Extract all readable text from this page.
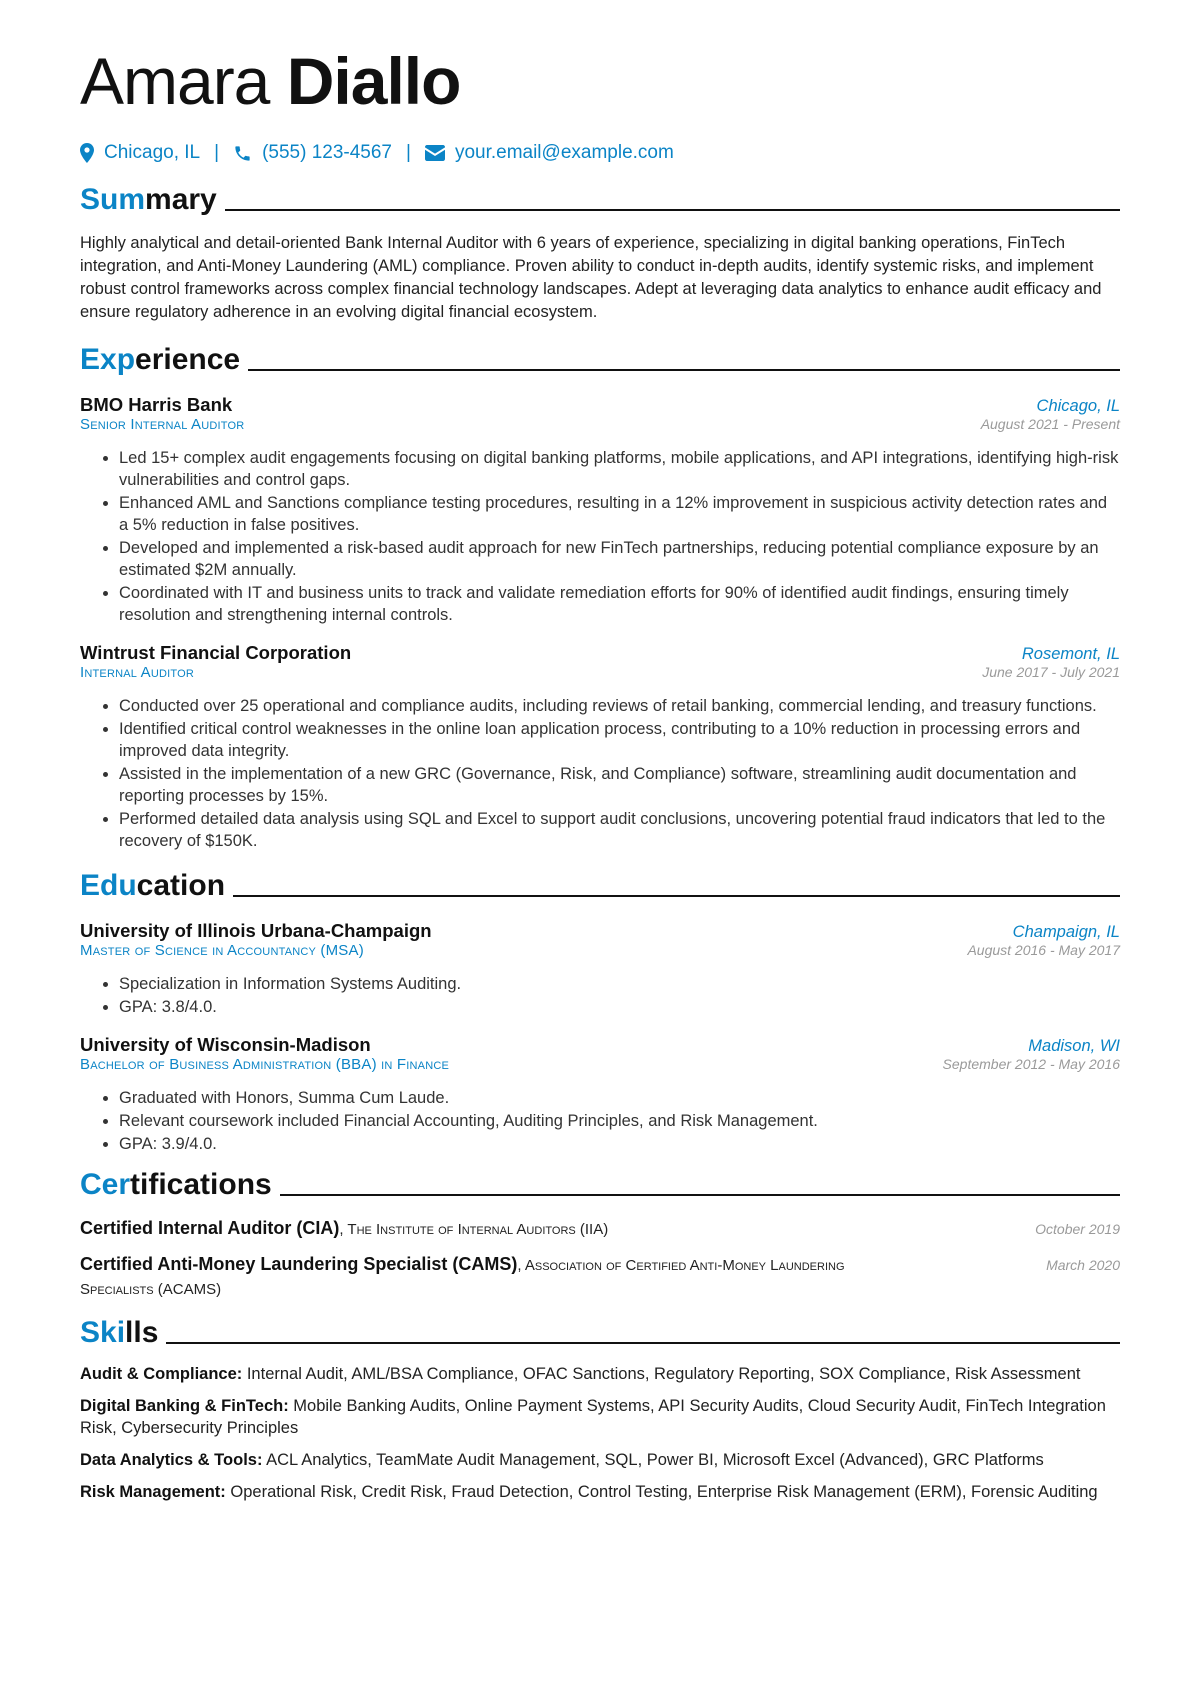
Amara Diallo
Chicago, IL | (555) 123-4567 | your.email@example.com
Summary
Highly analytical and detail-oriented Bank Internal Auditor with 6 years of experience, specializing in digital banking operations, FinTech integration, and Anti-Money Laundering (AML) compliance. Proven ability to conduct in-depth audits, identify systemic risks, and implement robust control frameworks across complex financial technology landscapes. Adept at leveraging data analytics to enhance audit efficacy and ensure regulatory adherence in an evolving digital financial ecosystem.
Experience
BMO Harris Bank	Chicago, IL
Senior Internal Auditor	August 2021 - Present
• Led 15+ complex audit engagements focusing on digital banking platforms, mobile applications, and API integrations, identifying high-risk vulnerabilities and control gaps.
• Enhanced AML and Sanctions compliance testing procedures, resulting in a 12% improvement in suspicious activity detection rates and a 5% reduction in false positives.
• Developed and implemented a risk-based audit approach for new FinTech partnerships, reducing potential compliance exposure by an estimated $2M annually.
• Coordinated with IT and business units to track and validate remediation efforts for 90% of identified audit findings, ensuring timely resolution and strengthening internal controls.
Wintrust Financial Corporation	Rosemont, IL
Internal Auditor	June 2017 - July 2021
• Conducted over 25 operational and compliance audits, including reviews of retail banking, commercial lending, and treasury functions.
• Identified critical control weaknesses in the online loan application process, contributing to a 10% reduction in processing errors and improved data integrity.
• Assisted in the implementation of a new GRC (Governance, Risk, and Compliance) software, streamlining audit documentation and reporting processes by 15%.
• Performed detailed data analysis using SQL and Excel to support audit conclusions, uncovering potential fraud indicators that led to the recovery of $150K.
Education
University of Illinois Urbana-Champaign	Champaign, IL
Master of Science in Accountancy (MSA)	August 2016 - May 2017
• Specialization in Information Systems Auditing.
• GPA: 3.8/4.0.
University of Wisconsin-Madison	Madison, WI
Bachelor of Business Administration (BBA) in Finance	September 2012 - May 2016
• Graduated with Honors, Summa Cum Laude.
• Relevant coursework included Financial Accounting, Auditing Principles, and Risk Management.
• GPA: 3.9/4.0.
Certifications
Certified Internal Auditor (CIA), The Institute of Internal Auditors (IIA)	October 2019
Certified Anti-Money Laundering Specialist (CAMS), Association of Certified Anti-Money Laundering Specialists (ACAMS)
March 2020
Skills
Audit & Compliance: Internal Audit, AML/BSA Compliance, OFAC Sanctions, Regulatory Reporting, SOX Compliance, Risk Assessment
Digital Banking & FinTech: Mobile Banking Audits, Online Payment Systems, API Security Audits, Cloud Security Audit, FinTech Integration Risk, Cybersecurity Principles
Data Analytics & Tools: ACL Analytics, TeamMate Audit Management, SQL, Power BI, Microsoft Excel (Advanced), GRC Platforms
Risk Management: Operational Risk, Credit Risk, Fraud Detection, Control Testing, Enterprise Risk Management (ERM), Forensic Auditing
